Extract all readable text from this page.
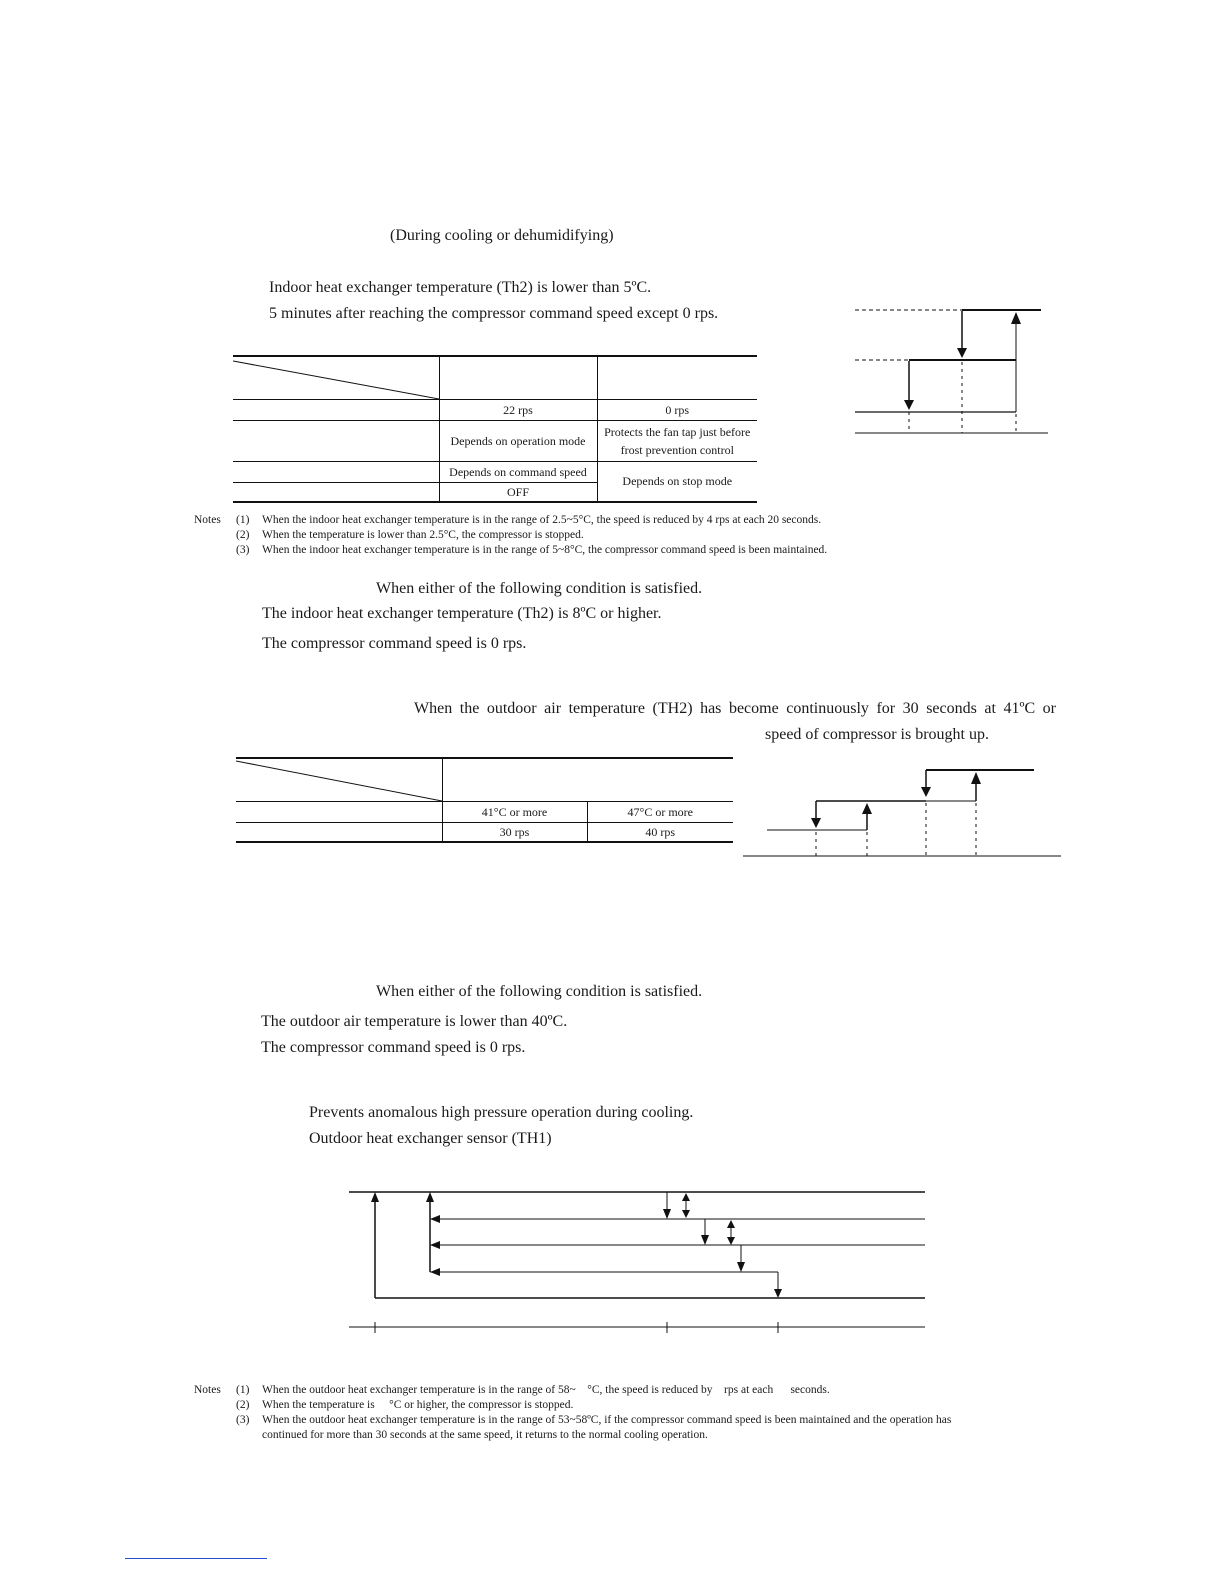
(During cooling or dehumidifying)
Indoor heat exchanger temperature (Th2) is lower than 5ºC.
5 minutes after reaching the compressor command speed except 0 rps.

	22 rps	0 rps
	Depends on operation mode	Protects the fan tap just before
frost prevention control

	Depends on command speed	Depends on stop mode
	OFF	
Notes (1) When the indoor heat exchanger temperature is in the range of 2.5~5°C, the speed is reduced by 4 rps at each 20 seconds.
(2) When the temperature is lower than 2.5°C, the compressor is stopped.
(3) When the indoor heat exchanger temperature is in the range of 5~8°C, the compressor command speed is been maintained.
When either of the following condition is satisfied.
The indoor heat exchanger temperature (Th2) is 8ºC or higher.
The compressor command speed is 0 rps.
When the outdoor air temperature (TH2) has become continuously for 30 seconds at 41ºC or
speed of compressor is brought up.

	41°C or more	47°C or more
	30 rps	40 rps
When either of the following condition is satisfied.
The outdoor air temperature is lower than 40ºC.
The compressor command speed is 0 rps.
Prevents anomalous high pressure operation during cooling.
Outdoor heat exchanger sensor (TH1)
Notes (1) When the outdoor heat exchanger temperature is in the range of 58~    °C, the speed is reduced by    rps at each      seconds.
(2) When the temperature is     °C or higher, the compressor is stopped.
(3) When the outdoor heat exchanger temperature is in the range of 53~58ºC, if the compressor command speed is been maintained and the operation has
continued for more than 30 seconds at the same speed, it returns to the normal cooling operation.
